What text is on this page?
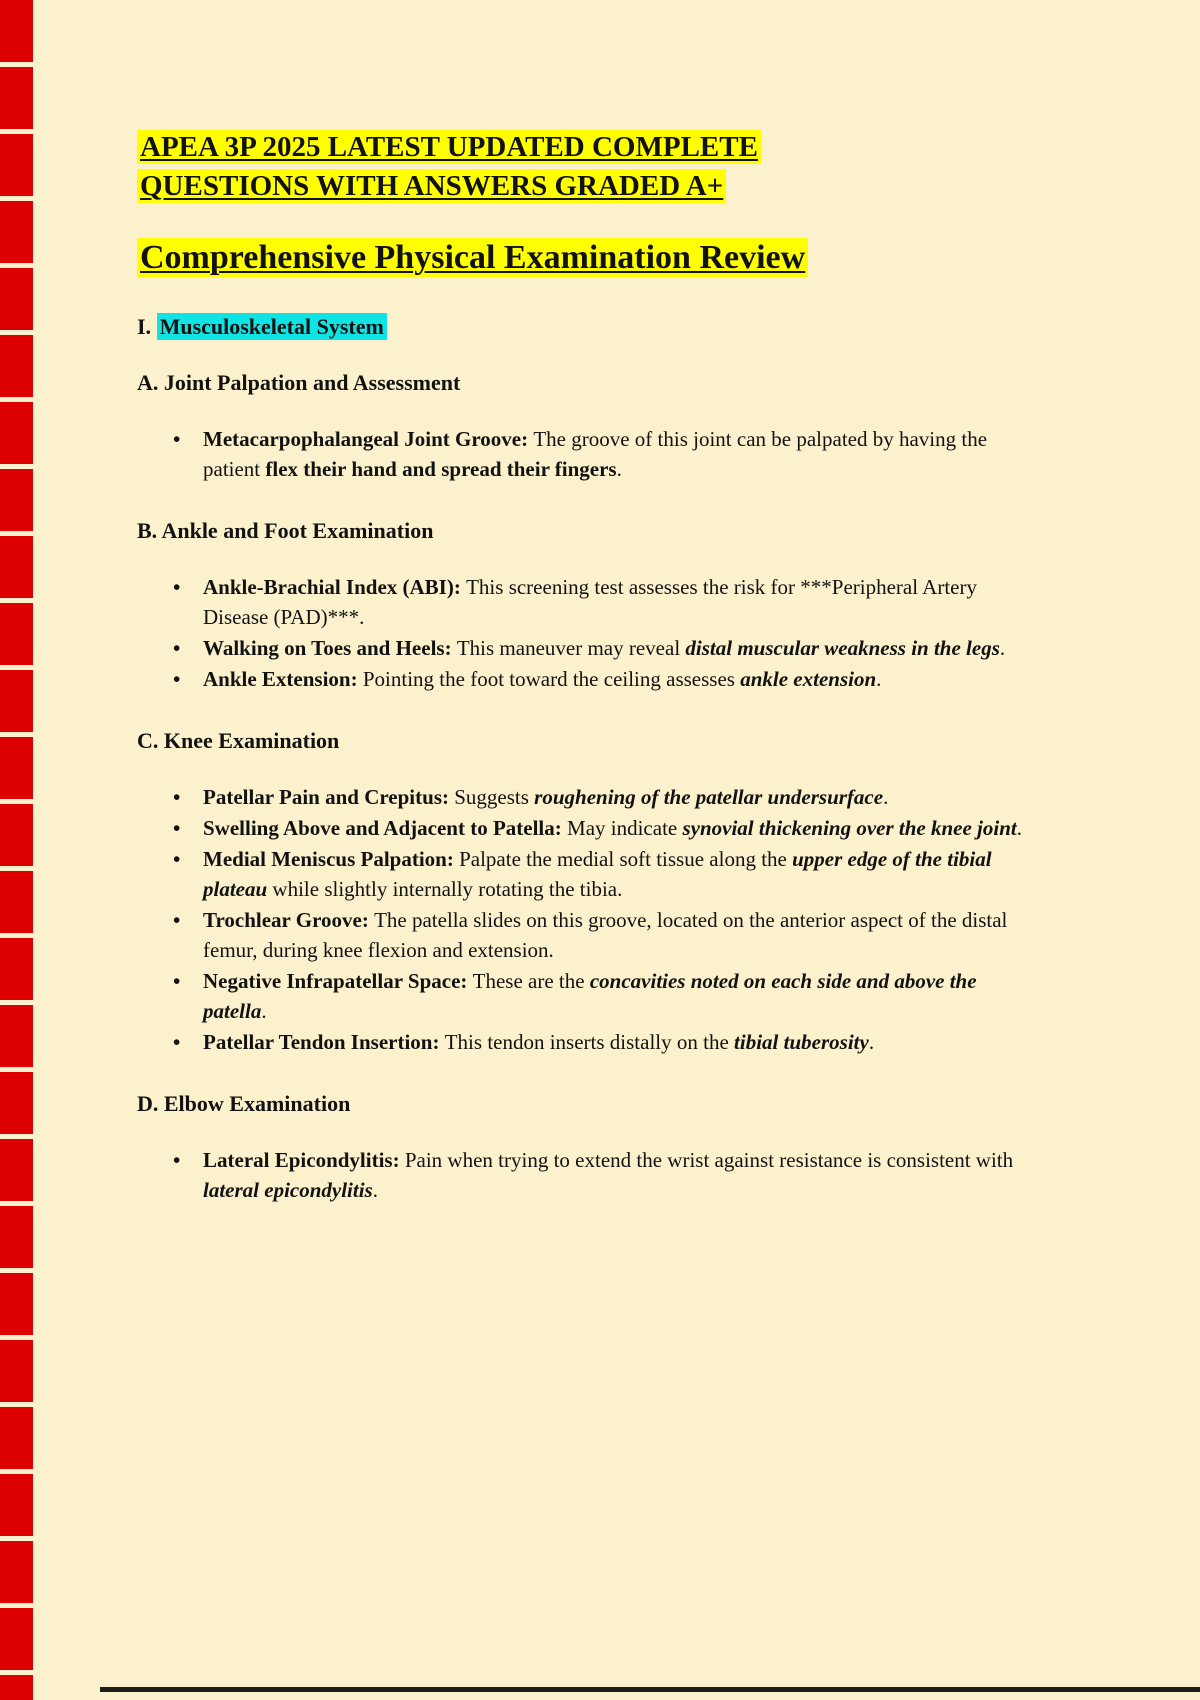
APEA 3P 2025 LATEST UPDATED COMPLETE
QUESTIONS WITH ANSWERS GRADED A+
Comprehensive Physical Examination Review
I. Musculoskeletal System
A. Joint Palpation and Assessment
• Metacarpophalangeal Joint Groove: The groove of this joint can be palpated by having the patient flex their hand and spread their fingers.
B. Ankle and Foot Examination
• Ankle-Brachial Index (ABI): This screening test assesses the risk for ***Peripheral Artery Disease (PAD)***.
• Walking on Toes and Heels: This maneuver may reveal distal muscular weakness in the legs.
• Ankle Extension: Pointing the foot toward the ceiling assesses ankle extension.
C. Knee Examination
• Patellar Pain and Crepitus: Suggests roughening of the patellar undersurface.
• Swelling Above and Adjacent to Patella: May indicate synovial thickening over the knee joint.
• Medial Meniscus Palpation: Palpate the medial soft tissue along the upper edge of the tibial plateau while slightly internally rotating the tibia.
• Trochlear Groove: The patella slides on this groove, located on the anterior aspect of the distal femur, during knee flexion and extension.
• Negative Infrapatellar Space: These are the concavities noted on each side and above the patella.
• Patellar Tendon Insertion: This tendon inserts distally on the tibial tuberosity.
D. Elbow Examination
• Lateral Epicondylitis: Pain when trying to extend the wrist against resistance is consistent with lateral epicondylitis.
